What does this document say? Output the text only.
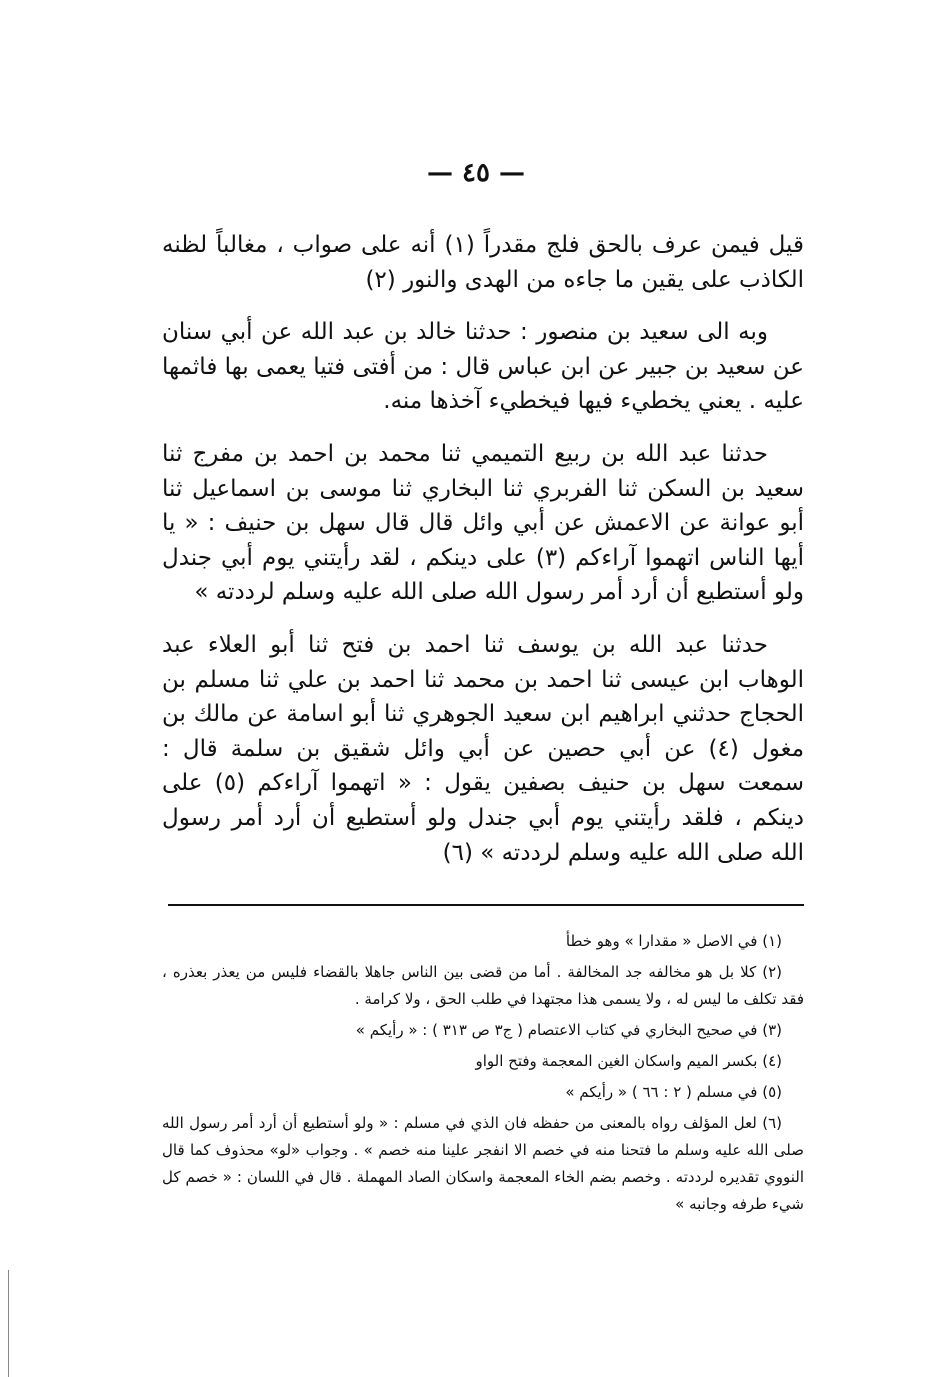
— ٤٥ —

قيل فيمن عرف بالحق فلج مقدراً (١) أنه على صواب ، مغالباً لظنه الكاذب على يقين ما جاءه من الهدى والنور (٢)

وبه الى سعيد بن منصور : حدثنا خالد بن عبد الله عن أبي سنان عن سعيد بن جبير عن ابن عباس قال : من أفتى فتيا يعمى بها فاثمها عليه . يعني يخطيء فيها فيخطيء آخذها منه.

حدثنا عبد الله بن ربيع التميمي ثنا محمد بن احمد بن مفرج ثنا سعيد بن السكن ثنا الفربري ثنا البخاري ثنا موسى بن اسماعيل ثنا أبو عوانة عن الاعمش عن أبي وائل قال قال سهل بن حنيف : « يا أيها الناس اتهموا آراءكم (٣) على دينكم ، لقد رأيتني يوم أبي جندل ولو أستطيع أن أرد أمر رسول الله صلى الله عليه وسلم لرددته »

حدثنا عبد الله بن يوسف ثنا احمد بن فتح ثنا أبو العلاء عبد الوهاب ابن عيسى ثنا احمد بن محمد ثنا احمد بن علي ثنا مسلم بن الحجاج حدثني ابراهيم ابن سعيد الجوهري ثنا أبو اسامة عن مالك بن مغول (٤) عن أبي حصين عن أبي وائل شقيق بن سلمة قال : سمعت سهل بن حنيف بصفين يقول : « اتهموا آراءكم (٥) على دينكم ، فلقد رأيتني يوم أبي جندل ولو أستطيع أن أرد أمر رسول الله صلى الله عليه وسلم لرددته » (٦)

(١) في الاصل « مقدارا » وهو خطأ

(٢) كلا بل هو مخالفه جد المخالفة . أما من قضى بين الناس جاهلا بالقضاء فليس من يعذر بعذره ، فقد تكلف ما ليس له ، ولا يسمى هذا مجتهدا في طلب الحق ، ولا كرامة .

(٣) في صحيح البخاري في كتاب الاعتصام ( ج٣ ص ٣١٣ ) : « رأيكم »

(٤) بكسر الميم واسكان الغين المعجمة وفتح الواو

(٥) في مسلم ( ٢ : ٦٦ ) « رأيكم »

(٦) لعل المؤلف رواه بالمعنى من حفظه فان الذي في مسلم : « ولو أستطيع أن أرد أمر رسول الله صلى الله عليه وسلم ما فتحنا منه في خصم الا انفجر علينا منه خصم » . وجواب «لو» محذوف كما قال النووي تقديره لرددته . وخصم بضم الخاء المعجمة واسكان الصاد المهملة . قال في اللسان : « خصم كل شيء طرفه وجانبه »
